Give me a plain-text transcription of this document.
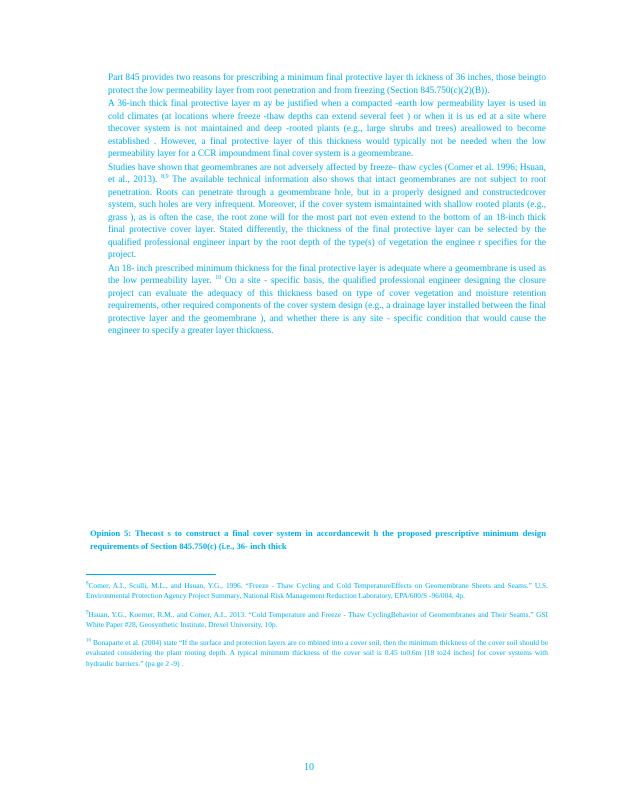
Part 845 provides two reasons for prescribing a minimum final protective layer th ickness of 36 inches, those beingto protect the low permeability layer from root penetration and from freezing (Section 845.750(c)(2)(B)).
A 36-inch thick final protective layer m ay be justified when a compacted -earth low permeability layer is used in cold climates (at locations where freeze -thaw depths can extend several feet ) or when it is us ed at a site where thecover system is not maintained and deep -rooted plants (e.g., large shrubs and trees) areallowed to become established . However, a final protective layer of this thickness would typically not be needed when the low permeability layer for a CCR impoundment final cover system is a geomembrane.
Studies have shown that geomembranes are not adversely affected by freeze- thaw cycles (Comer et al. 1996; Hsuan, et al., 2013). $^{8,9}$ The available technical information also shows that intact geomembranes are not subject to root penetration. Roots can penetrate through a geomembrane hole, but in a properly designed and constructedcover system, such holes are very infrequent. Moreover, if the cover system ismaintained with shallow rooted plants (e.g., grass ), as is often the case, the root zone will for the most part not even extend to the bottom of an 18-inch thick final protective cover layer. Stated differently, the thickness of the final protective layer can be selected by the qualified professional engineer inpart by the root depth of the type(s) of vegetation the enginee r specifies for the project.
An 18- inch prescribed minimum thickness for the final protective layer is adequate where a geomembrane is used as the low permeability layer. $^{10}$ On a site - specific basis, the qualified professional engineer designing the closure project can evaluate the adequacy of this thickness based on type of cover vegetation and moisture retention requirements, other required components of the cover system design (e.g., a drainage layer installed between the final protective layer and the geomembrane ), and whether there is any site - specific condition that would cause the engineer to specify a greater layer thickness.
Opinion 5: Thecost s to construct a final cover system in accordancewit h the proposed prescriptive minimum design requirements of Section 845.750(c) (i.e., 36- inch thick

$^8$Comer, A.I., Sculli, M.L., and Hsuan, Y.G., 1996. “Freeze - Thaw Cycling and Cold TemperatureEffects on Geomembrane Sheets and Seams.” U.S. Environmental Protection Agency Project Summary, National Risk Management Reduction Laboratory, EPA/600/S -96/004, 4p.

$^9$Hsuan, Y.G., Koerner, R.M., and Comer, A.I., 2013. “Cold Temperature and Freeze - Thaw CyclingBehavior of Geomembranes and Their Seams.” GSI White Paper #28, Geosynthetic Institute, Drexel University, 10p.

$^{10}$ Bonaparte et al. (2004) state “If the surface and protection layers are co mbined into a cover soil, then the minimum thickness of the cover soil should be evaluated considering the plant rooting depth. A typical minimum thickness of the cover soil is 0.45 to0.6m [18 to24 inches] for cover systems with hydraulic barriers.” (pa ge 2 -9) .

10
